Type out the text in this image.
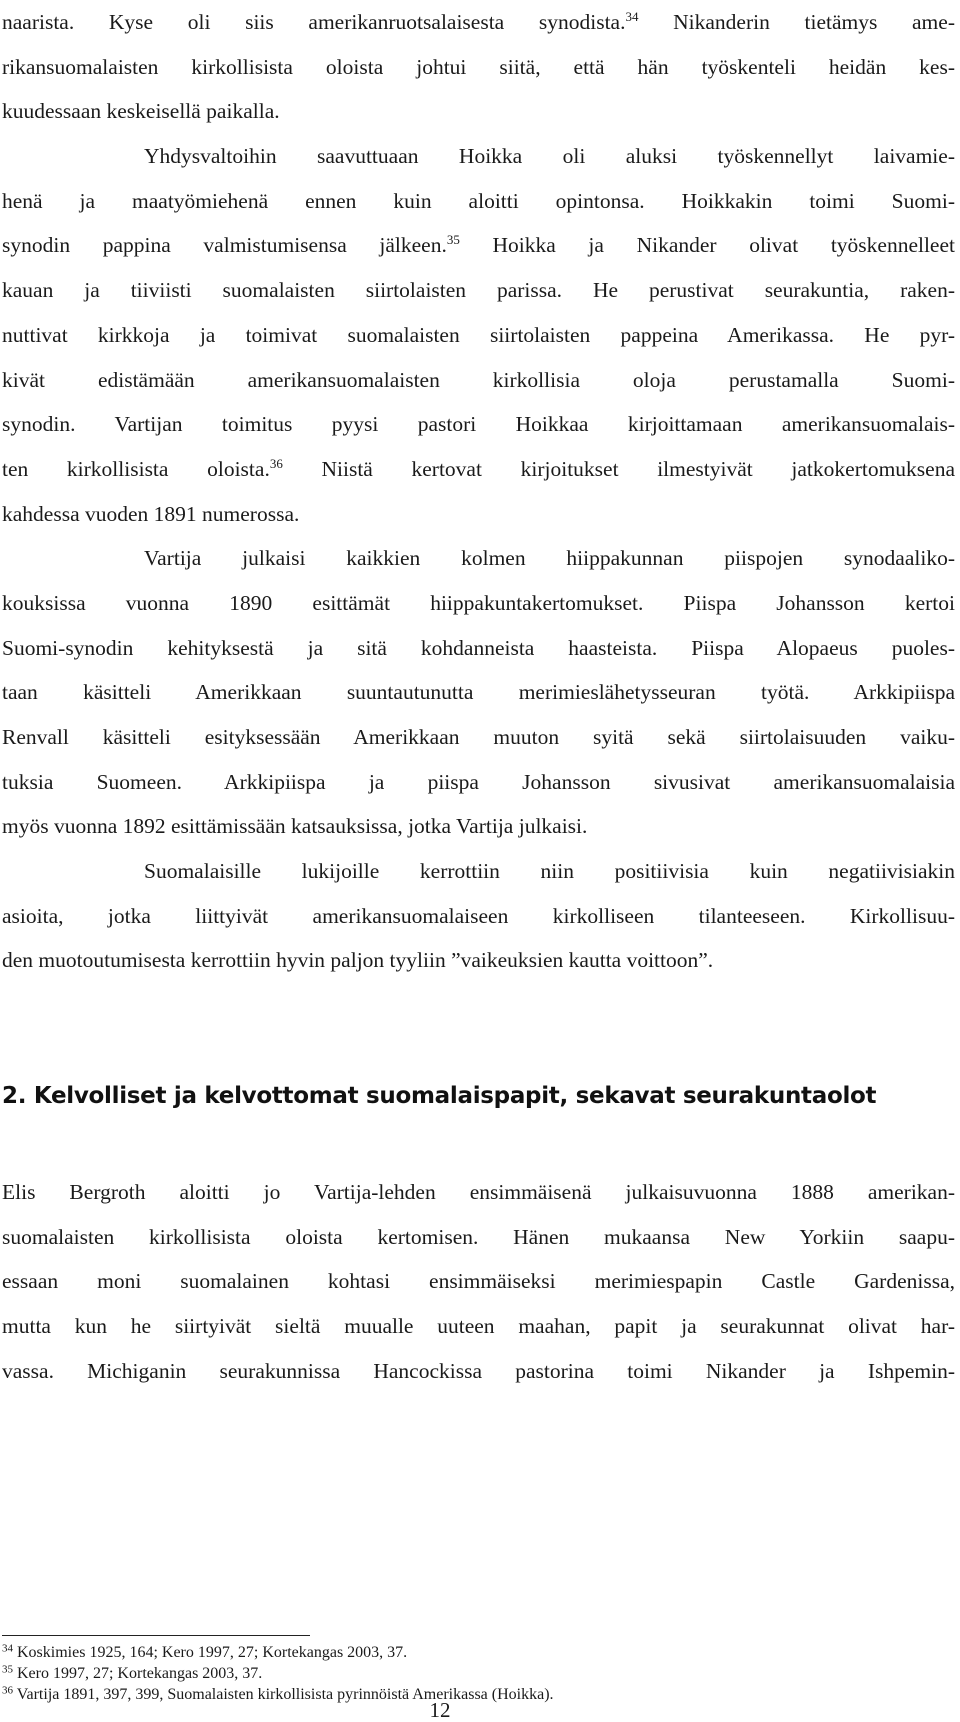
naarista. Kyse oli siis amerikanruotsalaisesta synodista.$^{34}$ Nikanderin tietämys ame-
rikansuomalaisten kirkollisista oloista johtui siitä, että hän työskenteli heidän kes-
kuudessaan keskeisellä paikalla.
Yhdysvaltoihin saavuttuaan Hoikka oli aluksi työskennellyt laivamie-
henä ja maatyömiehenä ennen kuin aloitti opintonsa. Hoikkakin toimi Suomi-
synodin pappina valmistumisensa jälkeen.$^{35}$ Hoikka ja Nikander olivat työskennelleet
kauan ja tiiviisti suomalaisten siirtolaisten parissa. He perustivat seurakuntia, raken-
nuttivat kirkkoja ja toimivat suomalaisten siirtolaisten pappeina Amerikassa. He pyr-
kivät edistämään amerikansuomalaisten kirkollisia oloja perustamalla Suomi-
synodin. Vartijan toimitus pyysi pastori Hoikkaa kirjoittamaan amerikansuomalais-
ten kirkollisista oloista.$^{36}$ Niistä kertovat kirjoitukset ilmestyivät jatkokertomuksena
kahdessa vuoden 1891 numerossa.
Vartija julkaisi kaikkien kolmen hiippakunnan piispojen synodaaliko-
kouksissa vuonna 1890 esittämät hiippakuntakertomukset. Piispa Johansson kertoi
Suomi-synodin kehityksestä ja sitä kohdanneista haasteista. Piispa Alopaeus puoles-
taan käsitteli Amerikkaan suuntautunutta merimieslähetysseuran työtä. Arkkipiispa
Renvall käsitteli esityksessään Amerikkaan muuton syitä sekä siirtolaisuuden vaiku-
tuksia Suomeen. Arkkipiispa ja piispa Johansson sivusivat amerikansuomalaisia
myös vuonna 1892 esittämissään katsauksissa, jotka Vartija julkaisi.
Suomalaisille lukijoille kerrottiin niin positiivisia kuin negatiivisiakin
asioita, jotka liittyivät amerikansuomalaiseen kirkolliseen tilanteeseen. Kirkollisuu-
den muotoutumisesta kerrottiin hyvin paljon tyyliin ”vaikeuksien kautta voittoon”.
2. Kelvolliset ja kelvottomat suomalaispapit, sekavat seurakuntaolot
Elis Bergroth aloitti jo Vartija-lehden ensimmäisenä julkaisuvuonna 1888 amerikan-
suomalaisten kirkollisista oloista kertomisen. Hänen mukaansa New Yorkiin saapu-
essaan moni suomalainen kohtasi ensimmäiseksi merimiespapin Castle Gardenissa,
mutta kun he siirtyivät sieltä muualle uuteen maahan, papit ja seurakunnat olivat har-
vassa. Michiganin seurakunnissa Hancockissa pastorina toimi Nikander ja Ishpemin-
$^{34}$ Koskimies 1925, 164; Kero 1997, 27; Kortekangas 2003, 37.
$^{35}$ Kero 1997, 27; Kortekangas 2003, 37.
$^{36}$ Vartija 1891, 397, 399, Suomalaisten kirkollisista pyrinnöistä Amerikassa (Hoikka).
12
